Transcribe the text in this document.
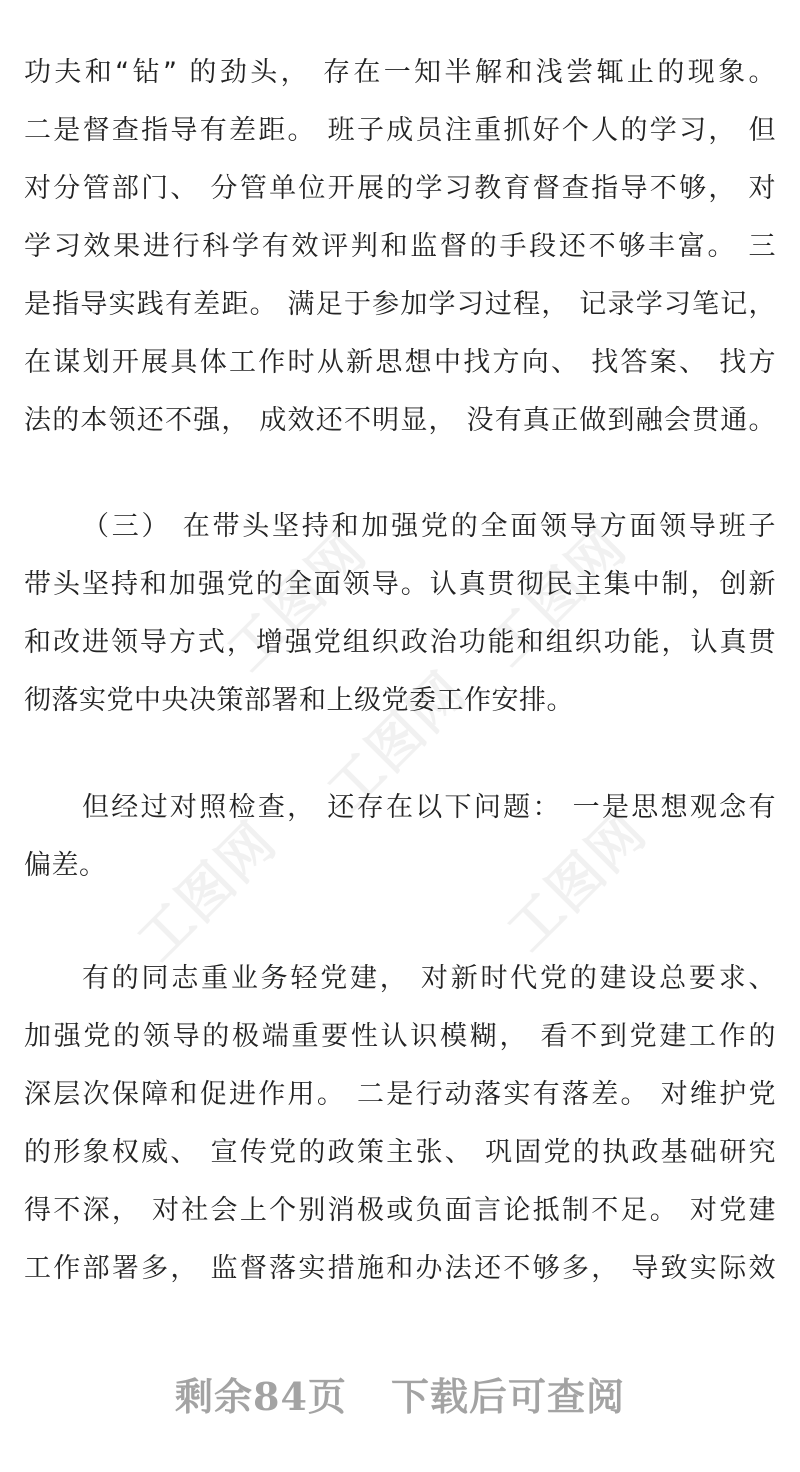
工图网 工图网
工图网
工图网	工图网
功夫和“钻” 的劲头， 存在一知半解和浅尝辄止的现象。
二是督查指导有差距。 班子成员注重抓好个人的学习， 但
对分管部门、 分管单位开展的学习教育督查指导不够， 对
学习效果进行科学有效评判和监督的手段还不够丰富。 三
是指导实践有差距。 满足于参加学习过程， 记录学习笔记，
在谋划开展具体工作时从新思想中找方向、 找答案、 找方
法的本领还不强， 成效还不明显， 没有真正做到融会贯通。
（三） 在带头坚持和加强党的全面领导方面领导班子
带头坚持和加强党的全面领导。认真贯彻民主集中制，创新
和改进领导方式，增强党组织政治功能和组织功能，认真贯
彻落实党中央决策部署和上级党委工作安排。
但经过对照检查， 还存在以下问题： 一是思想观念有
偏差。
有的同志重业务轻党建， 对新时代党的建设总要求、
加强党的领导的极端重要性认识模糊， 看不到党建工作的
深层次保障和促进作用。 二是行动落实有落差。 对维护党
的形象权威、 宣传党的政策主张、 巩固党的执政基础研究
得不深， 对社会上个别消极或负面言论抵制不足。 对党建
工作部署多， 监督落实措施和办法还不够多， 导致实际效
剩余84页 下载后可查阅
